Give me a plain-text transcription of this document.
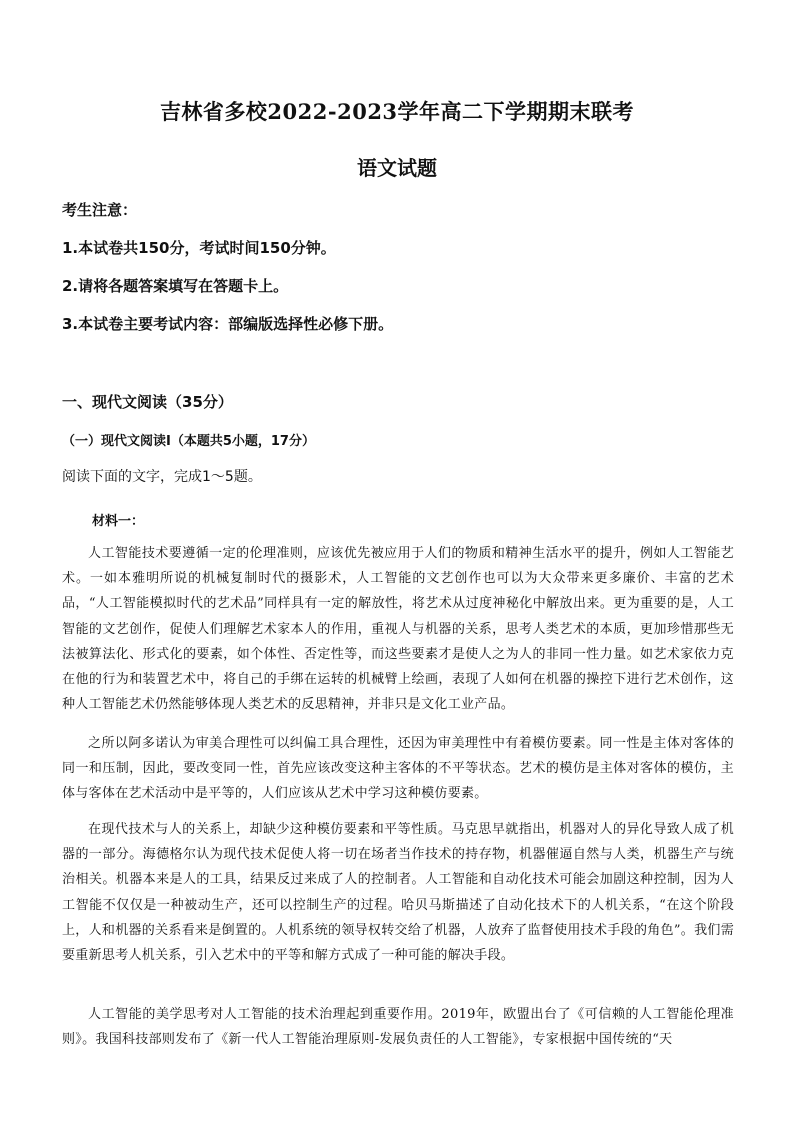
吉林省多校2022-2023学年高二下学期期末联考
语文试题
考生注意：
1.本试卷共150分，考试时间150分钟。
2.请将各题答案填写在答题卡上。
3.本试卷主要考试内容：部编版选择性必修下册。
一、现代文阅读（35分）
（一）现代文阅读Ⅰ（本题共5小题，17分）
阅读下面的文字，完成1～5题。
材料一：
人工智能技术要遵循一定的伦理准则，应该优先被应用于人们的物质和精神生活水平的提升，例如人工智能艺术。一如本雅明所说的机械复制时代的摄影术，人工智能的文艺创作也可以为大众带来更多廉价、丰富的艺术品，“人工智能模拟时代的艺术品”同样具有一定的解放性，将艺术从过度神秘化中解放出来。更为重要的是，人工智能的文艺创作，促使人们理解艺术家本人的作用，重视人与机器的关系，思考人类艺术的本质，更加珍惜那些无法被算法化、形式化的要素，如个体性、否定性等，而这些要素才是使人之为人的非同一性力量。如艺术家依力克在他的行为和装置艺术中，将自己的手绑在运转的机械臂上绘画，表现了人如何在机器的操控下进行艺术创作，这种人工智能艺术仍然能够体现人类艺术的反思精神，并非只是文化工业产品。
之所以阿多诺认为审美合理性可以纠偏工具合理性，还因为审美理性中有着模仿要素。同一性是主体对客体的同一和压制，因此，要改变同一性，首先应该改变这种主客体的不平等状态。艺术的模仿是主体对客体的模仿，主体与客体在艺术活动中是平等的，人们应该从艺术中学习这种模仿要素。
在现代技术与人的关系上，却缺少这种模仿要素和平等性质。马克思早就指出，机器对人的异化导致人成了机器的一部分。海德格尔认为现代技术促使人将一切在场者当作技术的持存物，机器催逼自然与人类，机器生产与统治相关。机器本来是人的工具，结果反过来成了人的控制者。人工智能和自动化技术可能会加剧这种控制，因为人工智能不仅仅是一种被动生产，还可以控制生产的过程。哈贝马斯描述了自动化技术下的人机关系，“在这个阶段上，人和机器的关系看来是倒置的。人机系统的领导权转交给了机器，人放弃了监督使用技术手段的角色”。我们需要重新思考人机关系，引入艺术中的平等和解方式成了一种可能的解决手段。
人工智能的美学思考对人工智能的技术治理起到重要作用。2019年，欧盟出台了《可信赖的人工智能伦理准则》。我国科技部则发布了《新一代人工智能治理原则-发展负责任的人工智能》，专家根据中国传统的“天
